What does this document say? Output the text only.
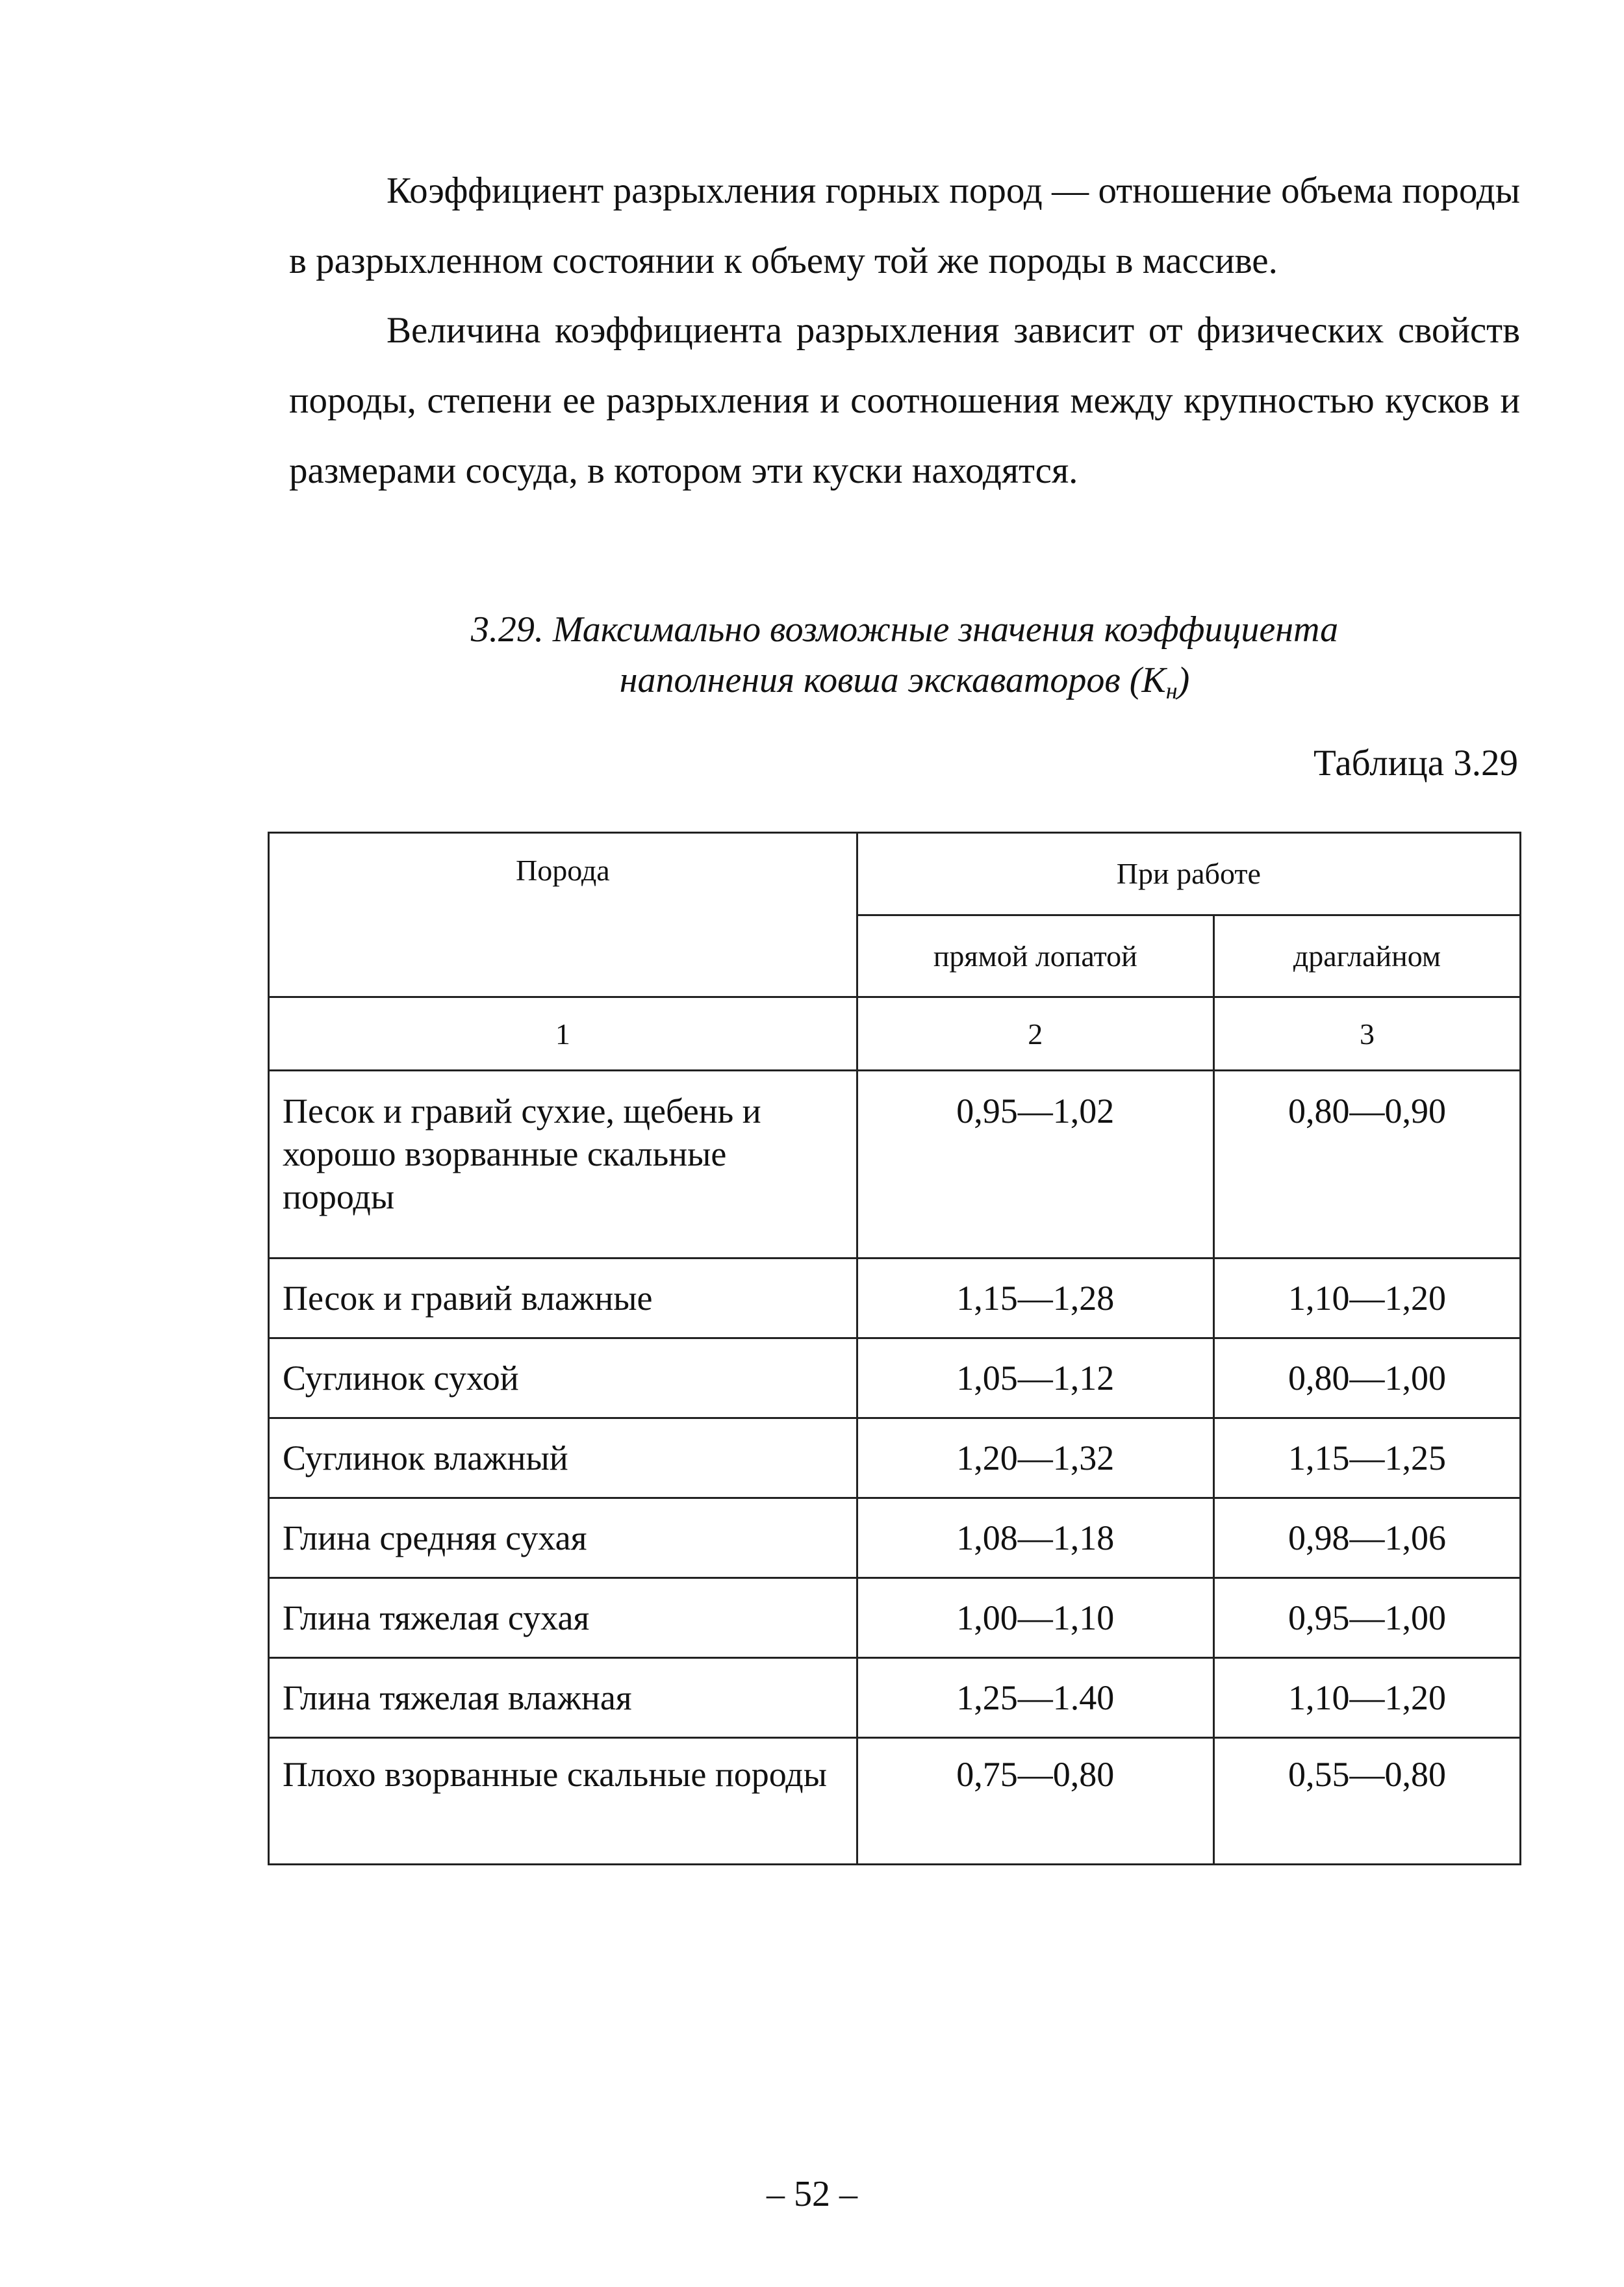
Коэффициент разрыхления горных пород — отношение объема породы в разрыхленном состоянии к объему той же породы в массиве.

Величина коэффициента разрыхления зависит от физических свойств породы, степени ее разрыхления и соотношения между крупностью кусков и размерами сосуда, в котором эти куски находятся.

3.29. Максимально возможные значения коэффициента
наполнения ковша экскаваторов (Kн)
Таблица 3.29
Порода	При работе	
	прямой лопатой	драглайном
1	2	3
Песок и гравий сухие, щебень и хорошо взорванные скальные породы	0,95—1,02	0,80—0,90
Песок и гравий влажные	1,15—1,28	1,10—1,20
Суглинок сухой	1,05—1,12	0,80—1,00
Суглинок влажный	1,20—1,32	1,15—1,25
Глина средняя сухая	1,08—1,18	0,98—1,06
Глина тяжелая сухая	1,00—1,10	0,95—1,00
Глина тяжелая влажная	1,25—1.40	1,10—1,20
Плохо взорванные скальные породы	0,75—0,80	0,55—0,80
– 52 –
